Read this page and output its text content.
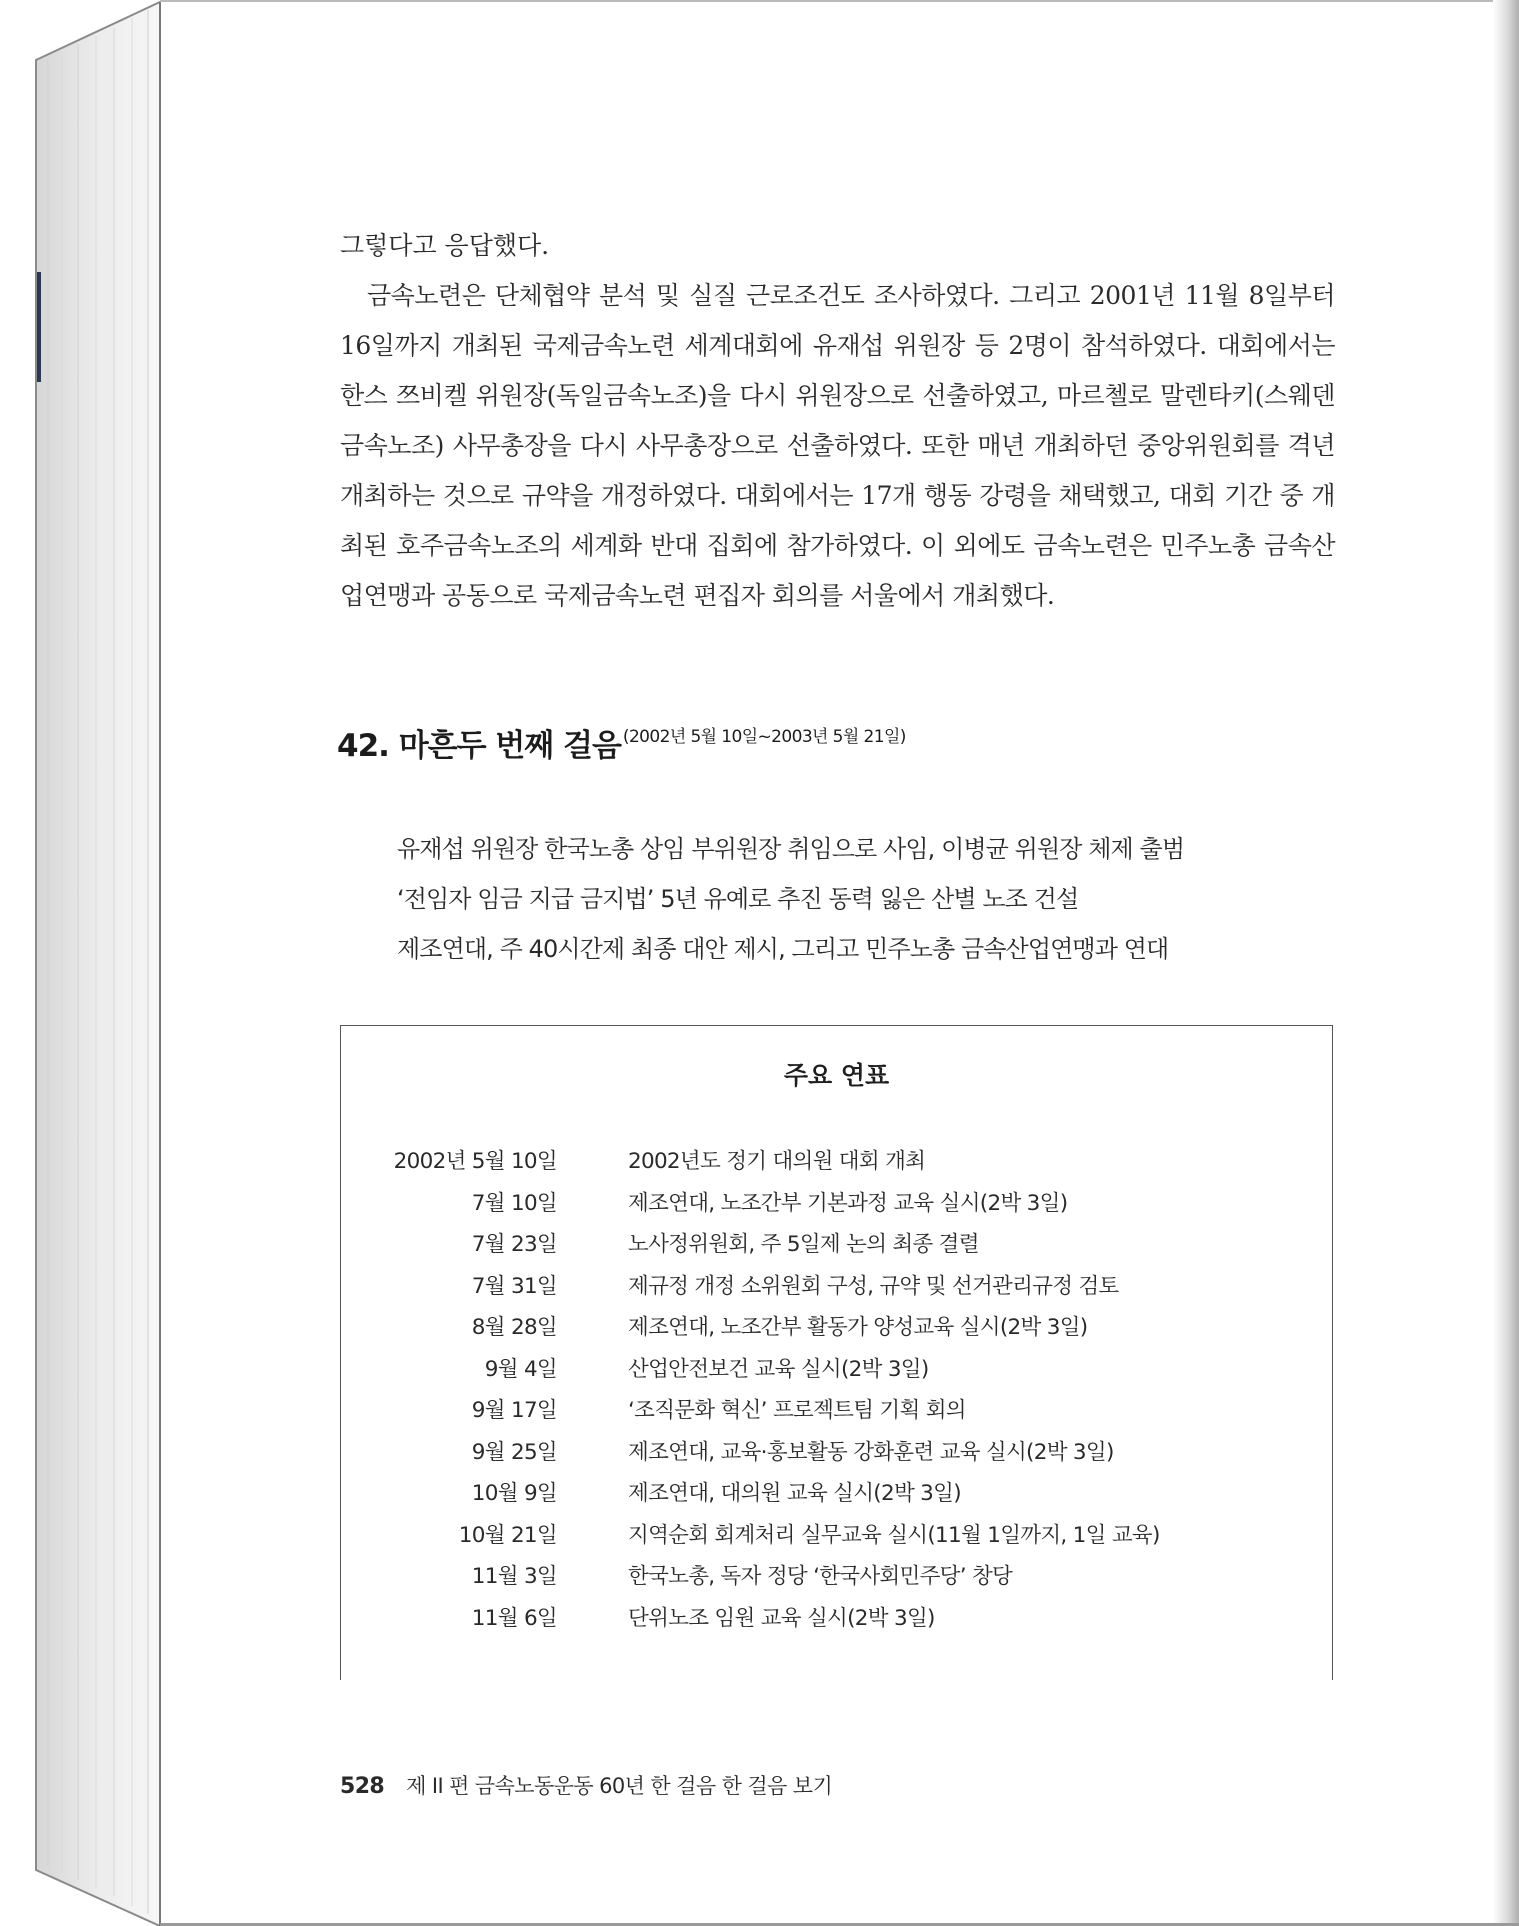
그렇다고 응답했다.

금속노련은 단체협약 분석 및 실질 근로조건도 조사하였다. 그리고 2001년 11월 8일부터 16일까지 개최된 국제금속노련 세계대회에 유재섭 위원장 등 2명이 참석하였다. 대회에서는 한스 쯔비켈 위원장(독일금속노조)을 다시 위원장으로 선출하였고, 마르첼로 말렌타키(스웨덴금속노조) 사무총장을 다시 사무총장으로 선출하였다. 또한 매년 개최하던 중앙위원회를 격년 개최하는 것으로 규약을 개정하였다. 대회에서는 17개 행동 강령을 채택했고, 대회 기간 중 개최된 호주금속노조의 세계화 반대 집회에 참가하였다. 이 외에도 금속노련은 민주노총 금속산업연맹과 공동으로 국제금속노련 편집자 회의를 서울에서 개최했다.

42. 마흔두 번째 걸음 $^{(2002년 5월 10일\sim 2003년 5월 21일)}$
유재섭 위원장 한국노총 상임 부위원장 취임으로 사임, 이병균 위원장 체제 출범
‘전임자 임금 지급 금지법’ 5년 유예로 추진 동력 잃은 산별 노조 건설
제조연대, 주 40시간제 최종 대안 제시, 그리고 민주노총 금속산업연맹과 연대
주요 연표
2002년 5월 10일	2002년도 정기 대의원 대회 개최
7월 10일	제조연대, 노조간부 기본과정 교육 실시(2박 3일)
7월 23일	노사정위원회, 주 5일제 논의 최종 결렬
7월 31일	제규정 개정 소위원회 구성, 규약 및 선거관리규정 검토
8월 28일	제조연대, 노조간부 활동가 양성교육 실시(2박 3일)
9월 4일	산업안전보건 교육 실시(2박 3일)
9월 17일	‘조직문화 혁신’ 프로젝트팀 기획 회의
9월 25일	제조연대, 교육·홍보활동 강화훈련 교육 실시(2박 3일)
10월 9일	제조연대, 대의원 교육 실시(2박 3일)
10월 21일	지역순회 회계처리 실무교육 실시(11월 1일까지, 1일 교육)
11월 3일	한국노총, 독자 정당 ‘한국사회민주당’ 창당
11월 6일	단위노조 임원 교육 실시(2박 3일)
528 제 II 편 금속노동운동 60년 한 걸음 한 걸음 보기
